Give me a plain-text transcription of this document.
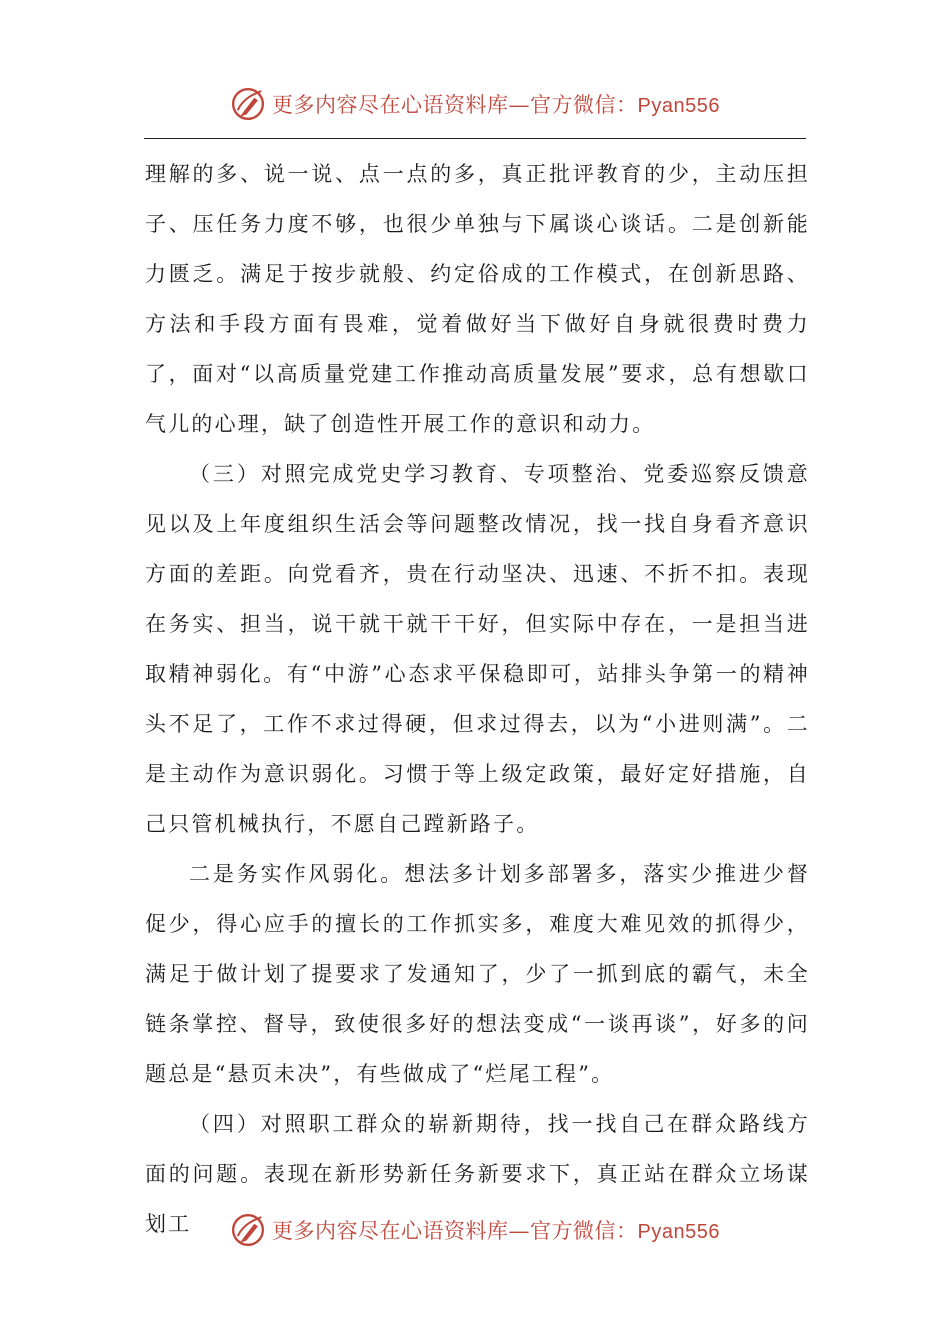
更多内容尽在心语资料库—官方微信：Pyan556

理解的多、说一说、点一点的多，真正批评教育的少，主动压担子、压任务力度不够，也很少单独与下属谈心谈话。二是创新能力匮乏。满足于按步就般、约定俗成的工作模式，在创新思路、方法和手段方面有畏难，觉着做好当下做好自身就很费时费力了，面对“以高质量党建工作推动高质量发展”要求，总有想歇口气儿的心理，缺了创造性开展工作的意识和动力。

（三）对照完成党史学习教育、专项整治、党委巡察反馈意见以及上年度组织生活会等问题整改情况，找一找自身看齐意识方面的差距。向党看齐，贵在行动坚决、迅速、不折不扣。表现在务实、担当，说干就干就干干好，但实际中存在，一是担当进取精神弱化。有“中游”心态求平保稳即可，站排头争第一的精神头不足了，工作不求过得硬，但求过得去，以为“小进则满”。二是主动作为意识弱化。习惯于等上级定政策，最好定好措施，自己只管机械执行，不愿自己蹚新路子。

二是务实作风弱化。想法多计划多部署多，落实少推进少督促少，得心应手的擅长的工作抓实多，难度大难见效的抓得少，满足于做计划了提要求了发通知了，少了一抓到底的霸气，未全链条掌控、督导，致使很多好的想法变成“一谈再谈”，好多的问题总是“悬页未决”，有些做成了“烂尾工程”。

（四）对照职工群众的崭新期待，找一找自己在群众路线方面的问题。表现在新形势新任务新要求下，真正站在群众立场谋划工	更多内容尽在心语资料库—官方微信：Pyan556
